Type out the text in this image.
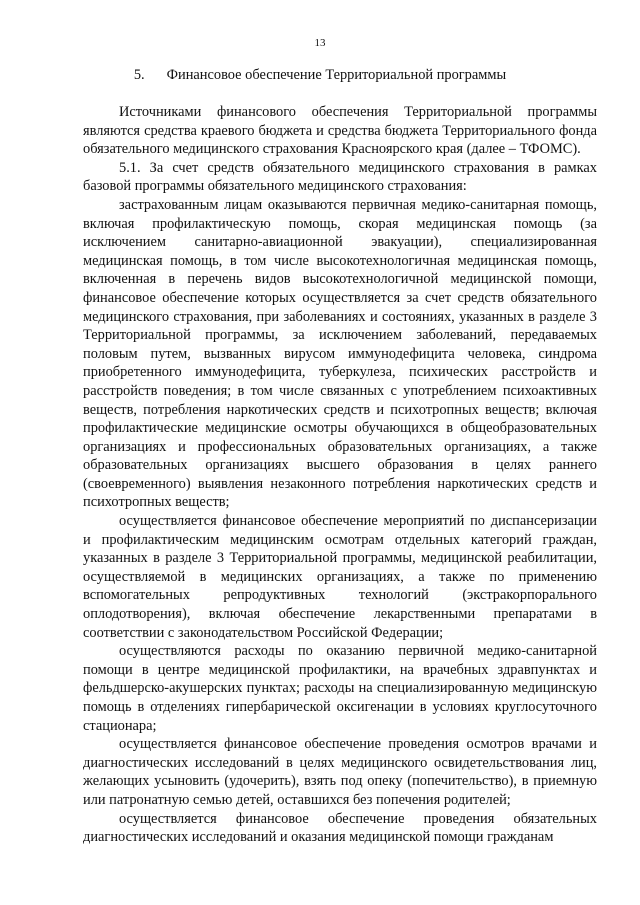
13
5. Финансовое обеспечение Территориальной программы

Источниками финансового обеспечения Территориальной программы являются средства краевого бюджета и средства бюджета Территориального фонда обязательного медицинского страхования Красноярского края (далее – ТФОМС).

5.1. За счет средств обязательного медицинского страхования в рамках базовой программы обязательного медицинского страхования:

застрахованным лицам оказываются первичная медико-санитарная помощь, включая профилактическую помощь, скорая медицинская помощь (за исключением санитарно-авиационной эвакуации), специализированная медицинская помощь, в том числе высокотехнологичная медицинская помощь, включенная в перечень видов высокотехнологичной медицинской помощи, финансовое обеспечение которых осуществляется за счет средств обязательного медицинского страхования, при заболеваниях и состояниях, указанных в разделе 3 Территориальной программы, за исключением заболеваний, передаваемых половым путем, вызванных вирусом иммунодефицита человека, синдрома приобретенного иммунодефицита, туберкулеза, психических расстройств и расстройств поведения; в том числе связанных с употреблением психоактивных веществ, потребления наркотических средств и психотропных веществ; включая профилактические медицинские осмотры обучающихся в общеобразовательных организациях и профессиональных образовательных организациях, а также образовательных организациях высшего образования в целях раннего (своевременного) выявления незаконного потребления наркотических средств и психотропных веществ;

осуществляется финансовое обеспечение мероприятий по диспансеризации и профилактическим медицинским осмотрам отдельных категорий граждан, указанных в разделе 3 Территориальной программы, медицинской реабилитации, осуществляемой в медицинских организациях, а также по применению вспомогательных репродуктивных технологий (экстракорпорального оплодотворения), включая обеспечение лекарственными препаратами в соответствии с законодательством Российской Федерации;

осуществляются расходы по оказанию первичной медико-санитарной помощи в центре медицинской профилактики, на врачебных здравпунктах и фельдшерско-акушерских пунктах; расходы на специализированную медицинскую помощь в отделениях гипербарической оксигенации в условиях круглосуточного стационара;

осуществляется финансовое обеспечение проведения осмотров врачами и диагностических исследований в целях медицинского освидетельствования лиц, желающих усыновить (удочерить), взять под опеку (попечительство), в приемную или патронатную семью детей, оставшихся без попечения родителей;

осуществляется финансовое обеспечение проведения обязательных диагностических исследований и оказания медицинской помощи гражданам
